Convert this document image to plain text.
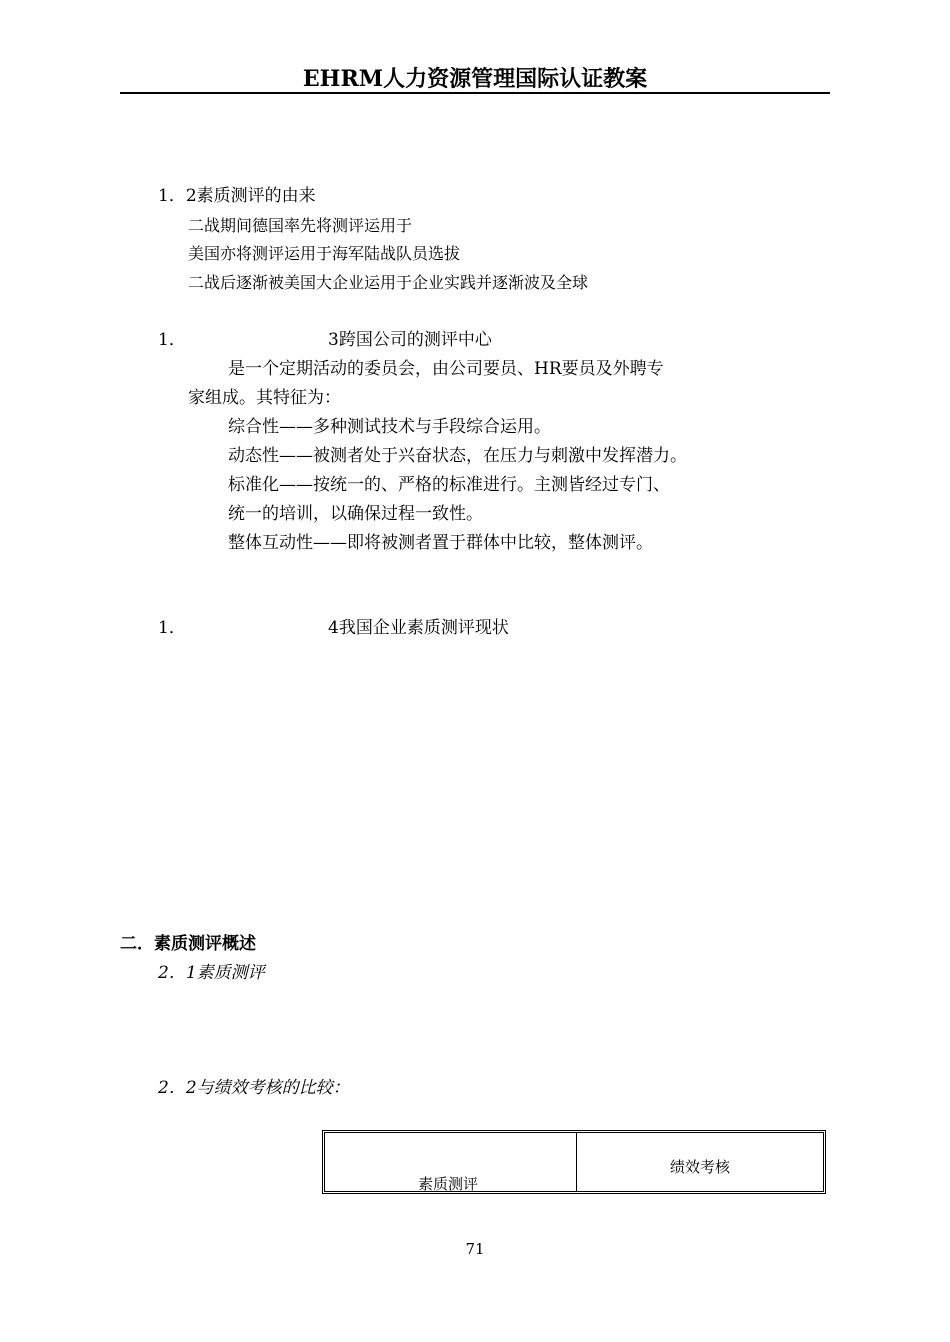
EHRM人力资源管理国际认证教案
1．2素质测评的由来
二战期间德国率先将测评运用于
美国亦将测评运用于海军陆战队员选拔
二战后逐渐被美国大企业运用于企业实践并逐渐波及全球
1．	3跨国公司的测评中心
是一个定期活动的委员会，由公司要员、HR要员及外聘专
家组成。其特征为：
综合性——多种测试技术与手段综合运用。
动态性——被测者处于兴奋状态，在压力与刺激中发挥潜力。
标准化——按统一的、严格的标准进行。主测皆经过专门、
统一的培训，以确保过程一致性。
整体互动性——即将被测者置于群体中比较，整体测评。
1．	4我国企业素质测评现状
二．素质测评概述
2．1素质测评
2．2与绩效考核的比较：
素质测评
绩效考核
71
